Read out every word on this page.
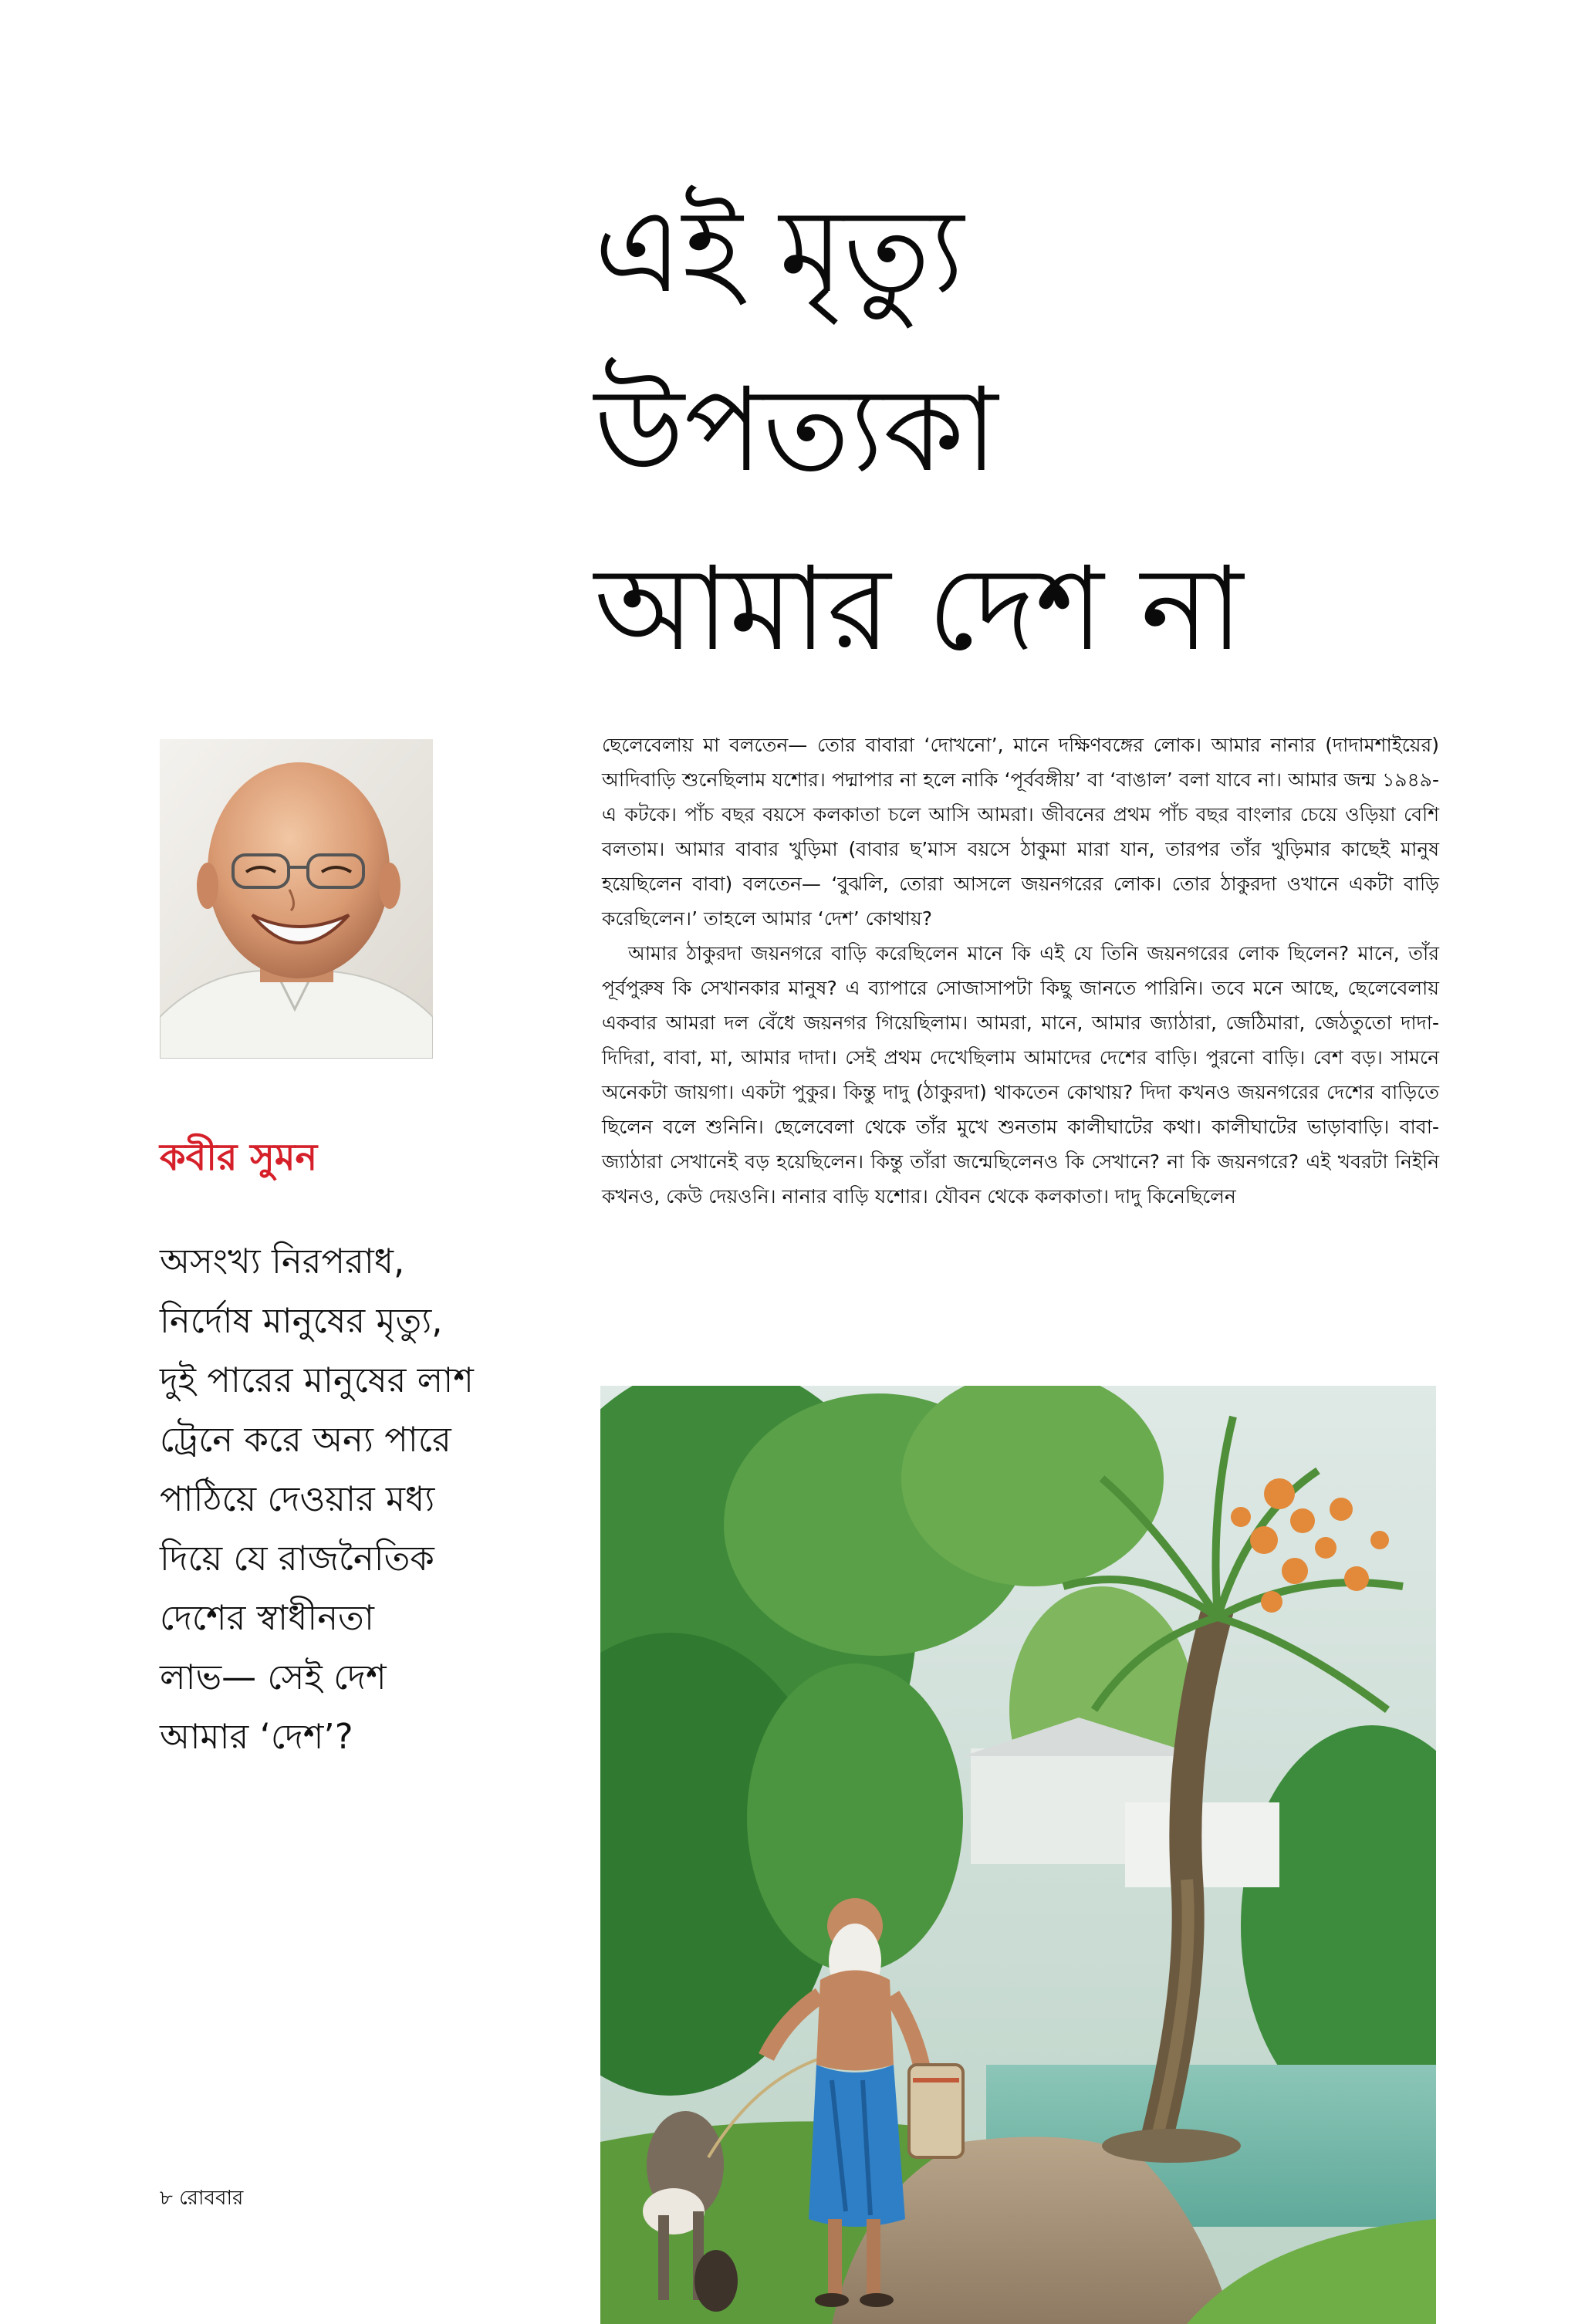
এই মৃত্যু
উপত্যকা
আমার দেশ না
কবীর সুমন
অসংখ্য নিরপরাধ,
নির্দোষ মানুষের মৃত্যু,
দুই পারের মানুষের লাশ
ট্রেনে করে অন্য পারে
পাঠিয়ে দেওয়ার মধ্য
দিয়ে যে রাজনৈতিক
দেশের স্বাধীনতা
লাভ— সেই দেশ
আমার ‘দেশ’?

ছেলেবেলায় মা বলতেন— তোর বাবারা ‘দোখনো’, মানে দক্ষিণবঙ্গের লোক। আমার নানার (দাদামশাইয়ের) আদিবাড়ি শুনেছিলাম যশোর। পদ্মাপার না হলে নাকি ‘পূর্ববঙ্গীয়’ বা ‘বাঙাল’ বলা যাবে না। আমার জন্ম ১৯৪৯-এ কটকে। পাঁচ বছর বয়সে কলকাতা চলে আসি আমরা। জীবনের প্রথম পাঁচ বছর বাংলার চেয়ে ওড়িয়া বেশি বলতাম। আমার বাবার খুড়িমা (বাবার ছ’মাস বয়সে ঠাকুমা মারা যান, তারপর তাঁর খুড়িমার কাছেই মানুষ হয়েছিলেন বাবা) বলতেন— ‘বুঝলি, তোরা আসলে জয়নগরের লোক। তোর ঠাকুরদা ওখানে একটা বাড়ি করেছিলেন।’ তাহলে আমার ‘দেশ’ কোথায়?

আমার ঠাকুরদা জয়নগরে বাড়ি করেছিলেন মানে কি এই যে তিনি জয়নগরের লোক ছিলেন? মানে, তাঁর পূর্বপুরুষ কি সেখানকার মানুষ? এ ব্যাপারে সোজাসাপটা কিছু জানতে পারিনি। তবে মনে আছে, ছেলেবেলায় একবার আমরা দল বেঁধে জয়নগর গিয়েছিলাম। আমরা, মানে, আমার জ্যাঠারা, জেঠিমারা, জেঠতুতো দাদা-দিদিরা, বাবা, মা, আমার দাদা। সেই প্রথম দেখেছিলাম আমাদের দেশের বাড়ি। পুরনো বাড়ি। বেশ বড়। সামনে অনেকটা জায়গা। একটা পুকুর। কিন্তু দাদু (ঠাকুরদা) থাকতেন কোথায়? দিদা কখনও জয়নগরের দেশের বাড়িতে ছিলেন বলে শুনিনি। ছেলেবেলা থেকে তাঁর মুখে শুনতাম কালীঘাটের কথা। কালীঘাটের ভাড়াবাড়ি। বাবা-জ্যাঠারা সেখানেই বড় হয়েছিলেন। কিন্তু তাঁরা জন্মেছিলেনও কি সেখানে? না কি জয়নগরে? এই খবরটা নিইনি কখনও, কেউ দেয়ওনি। নানার বাড়ি যশোর। যৌবন থেকে কলকাতা। দাদু কিনেছিলেন

৮ রোববার
